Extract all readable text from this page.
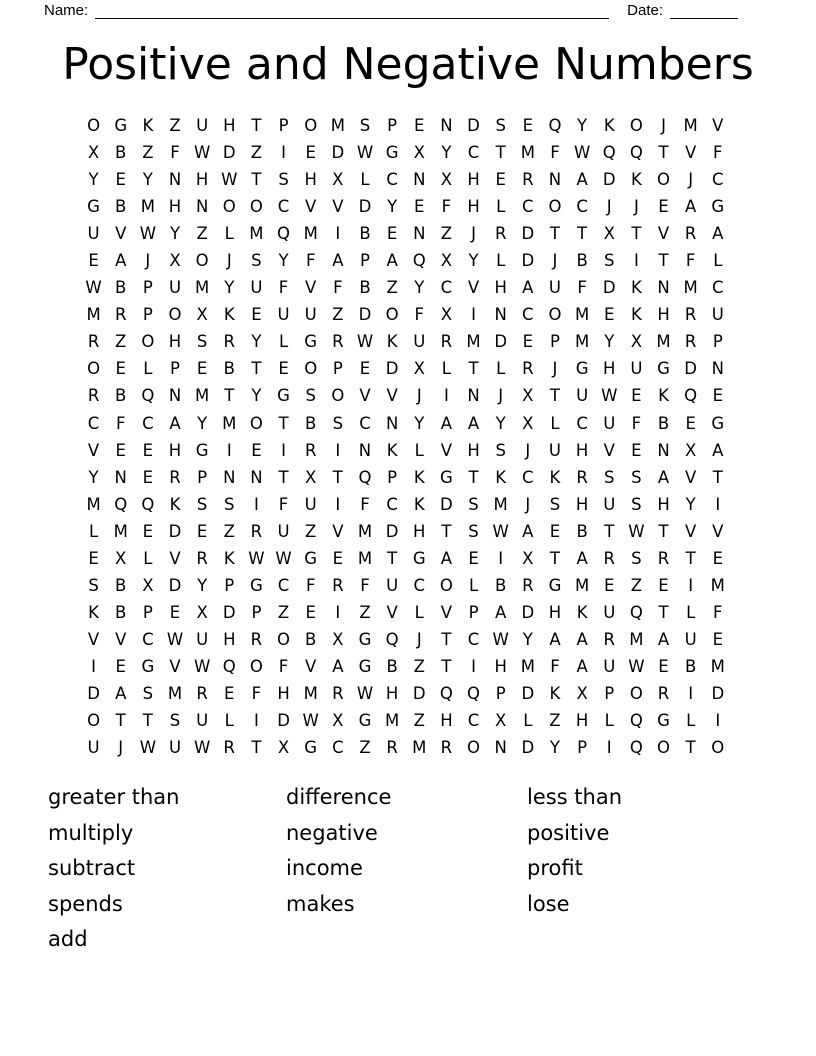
Name:	Date:
Positive and Negative Numbers
O G K Z U H T	P O M S	P	E N D S	E Q Y	K O	J	M V
X B Z	F W D Z	I	E D W G X Y C T M F W Q Q T V	F
Y	E	Y N H W T	S H X	L	C N X H E R N A D K O	J	C
G B M H N O O C V V D Y	E	F H L	C O C	J	J	E A G
U V W Y Z	L M Q M	I	B E N Z	J	R D T	T X T V R A
E A	J	X O	J	S	Y	F	A	P	A Q X Y	L D	J	B S	I	T	F	L
W B	P U M Y U F	V	F	B Z Y C V H A U F D K N M C
M R P O X K	E U U Z D O F	X	I	N C O M E	K H R U
R Z O H S R Y	L G R W K U R M D E	P M Y X M R P
O E	L	P	E B T	E O P	E D X	L	T	L	R	J	G H U G D N
R B Q N M T	Y G S O V V	J	I	N	J	X T U W E	K Q E
C	F	C A Y M O T B S C N Y A A Y X	L	C U F	B E G
V E	E H G	I	E	I	R	I	N K	L	V H S	J	U H V E N X A
Y N E R P N N T X T Q P	K G T	K C K R S	S A V T
M Q Q K S	S	I	F U	I	F	C K D S M	J	S H U S H Y	I
L M E D E Z R U Z V M D H T	S W A E B T W T V V
E X	L	V R K W W G E M T G A E	I	X T A R S R T	E
S B X D Y	P G C	F	R	F U C O L	B R G M E Z E	I	M
K B	P	E X D P	Z E	I	Z V	L	V	P	A D H K U Q T	L	F
V V C W U H R O B X G Q	J	T C W Y A A R M A U E
I	E G V W Q O F	V A G B Z T	I	H M F	A U W E B M
D A S M R E	F H M R W H D Q Q P D K X	P O R	I	D
O T	T	S U	L	I	D W X G M Z H C X	L	Z H L Q G L	I
U	J	W U W R T X G C Z R M R O N D Y	P	I	Q O T O
greater than
multiply
subtract
spends
add
difference
negative
income
makes
less than
positive
profit
lose
